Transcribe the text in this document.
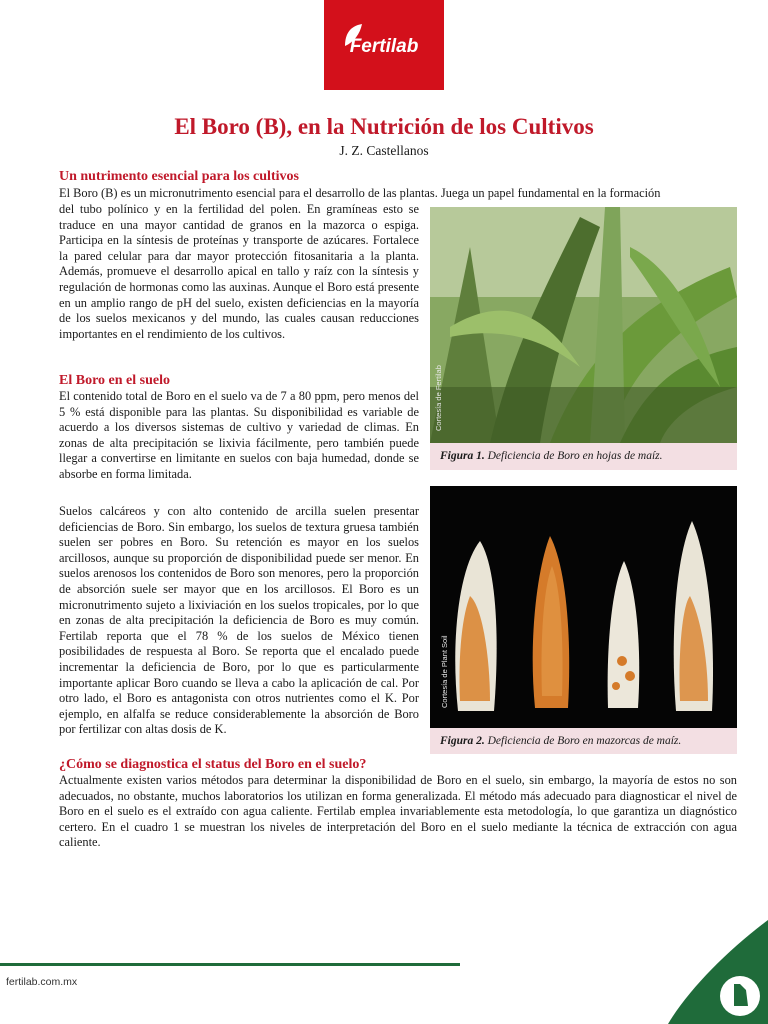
Fertilab
El Boro (B), en la Nutrición de los Cultivos
J. Z. Castellanos
Un nutrimento esencial para los cultivos

El Boro (B) es un micronutrimento esencial para el desarrollo de las plantas. Juega un papel fundamental en la formación

del tubo polínico y en la fertilidad del polen. En gramíneas esto se traduce en una mayor cantidad de granos en la mazorca o espiga. Participa en la síntesis de proteínas y transporte de azúcares. Fortalece la pared celular para dar mayor protección fitosanitaria a la planta. Además, promueve el desarrollo apical en tallo y raíz con la síntesis y regulación de hormonas como las auxinas. Aunque el Boro está presente en un amplio rango de pH del suelo, existen deficiencias en la mayoría de los suelos mexicanos y del mundo, las cuales causan reducciones importantes en el rendimiento de los cultivos.

El Boro en el suelo

El contenido total de Boro en el suelo va de 7 a 80 ppm, pero menos del 5 % está disponible para las plantas. Su disponibilidad es variable de acuerdo a los diversos sistemas de cultivo y variedad de climas. En zonas de alta precipitación se lixivia fácilmente, pero también puede llegar a convertirse en limitante en suelos con baja humedad, donde se absorbe en forma limitada.

Suelos calcáreos y con alto contenido de arcilla suelen presentar deficiencias de Boro. Sin embargo, los suelos de textura gruesa también suelen ser pobres en Boro. Su retención es mayor en los suelos arcillosos, aunque su proporción de disponibilidad puede ser menor. En suelos arenosos los contenidos de Boro son menores, pero la proporción de absorción suele ser mayor que en los arcillosos. El Boro es un micronutrimento sujeto a lixiviación en los suelos tropicales, por lo que en zonas de alta precipitación la deficiencia de Boro es muy común. Fertilab reporta que el 78 % de los suelos de México tienen posibilidades de respuesta al Boro. Se reporta que el encalado puede incrementar la deficiencia de Boro, por lo que es particularmente importante aplicar Boro cuando se lleva a cabo la aplicación de cal. Por otro lado, el Boro es antagonista con otros nutrientes como el K. Por ejemplo, en alfalfa se reduce considerablemente la absorción de Boro por fertilizar con altas dosis de K.

Cortesía de Fertilab
Figura 1. Deficiencia de Boro en hojas de maíz.
Cortesía de Plant Soil
Figura 2. Deficiencia de Boro en mazorcas de maíz.
¿Cómo se diagnostica el status del Boro en el suelo?

Actualmente existen varios métodos para determinar la disponibilidad de Boro en el suelo, sin embargo, la mayoría de estos no son adecuados, no obstante, muchos laboratorios los utilizan en forma generalizada. El método más adecuado para diagnosticar el nivel de Boro en el suelo es el extraído con agua caliente. Fertilab emplea invariablemente esta metodología, lo que garantiza un diagnóstico certero. En el cuadro 1 se muestran los niveles de interpretación del Boro en el suelo mediante la técnica de extracción con agua caliente.

fertilab.com.mx
